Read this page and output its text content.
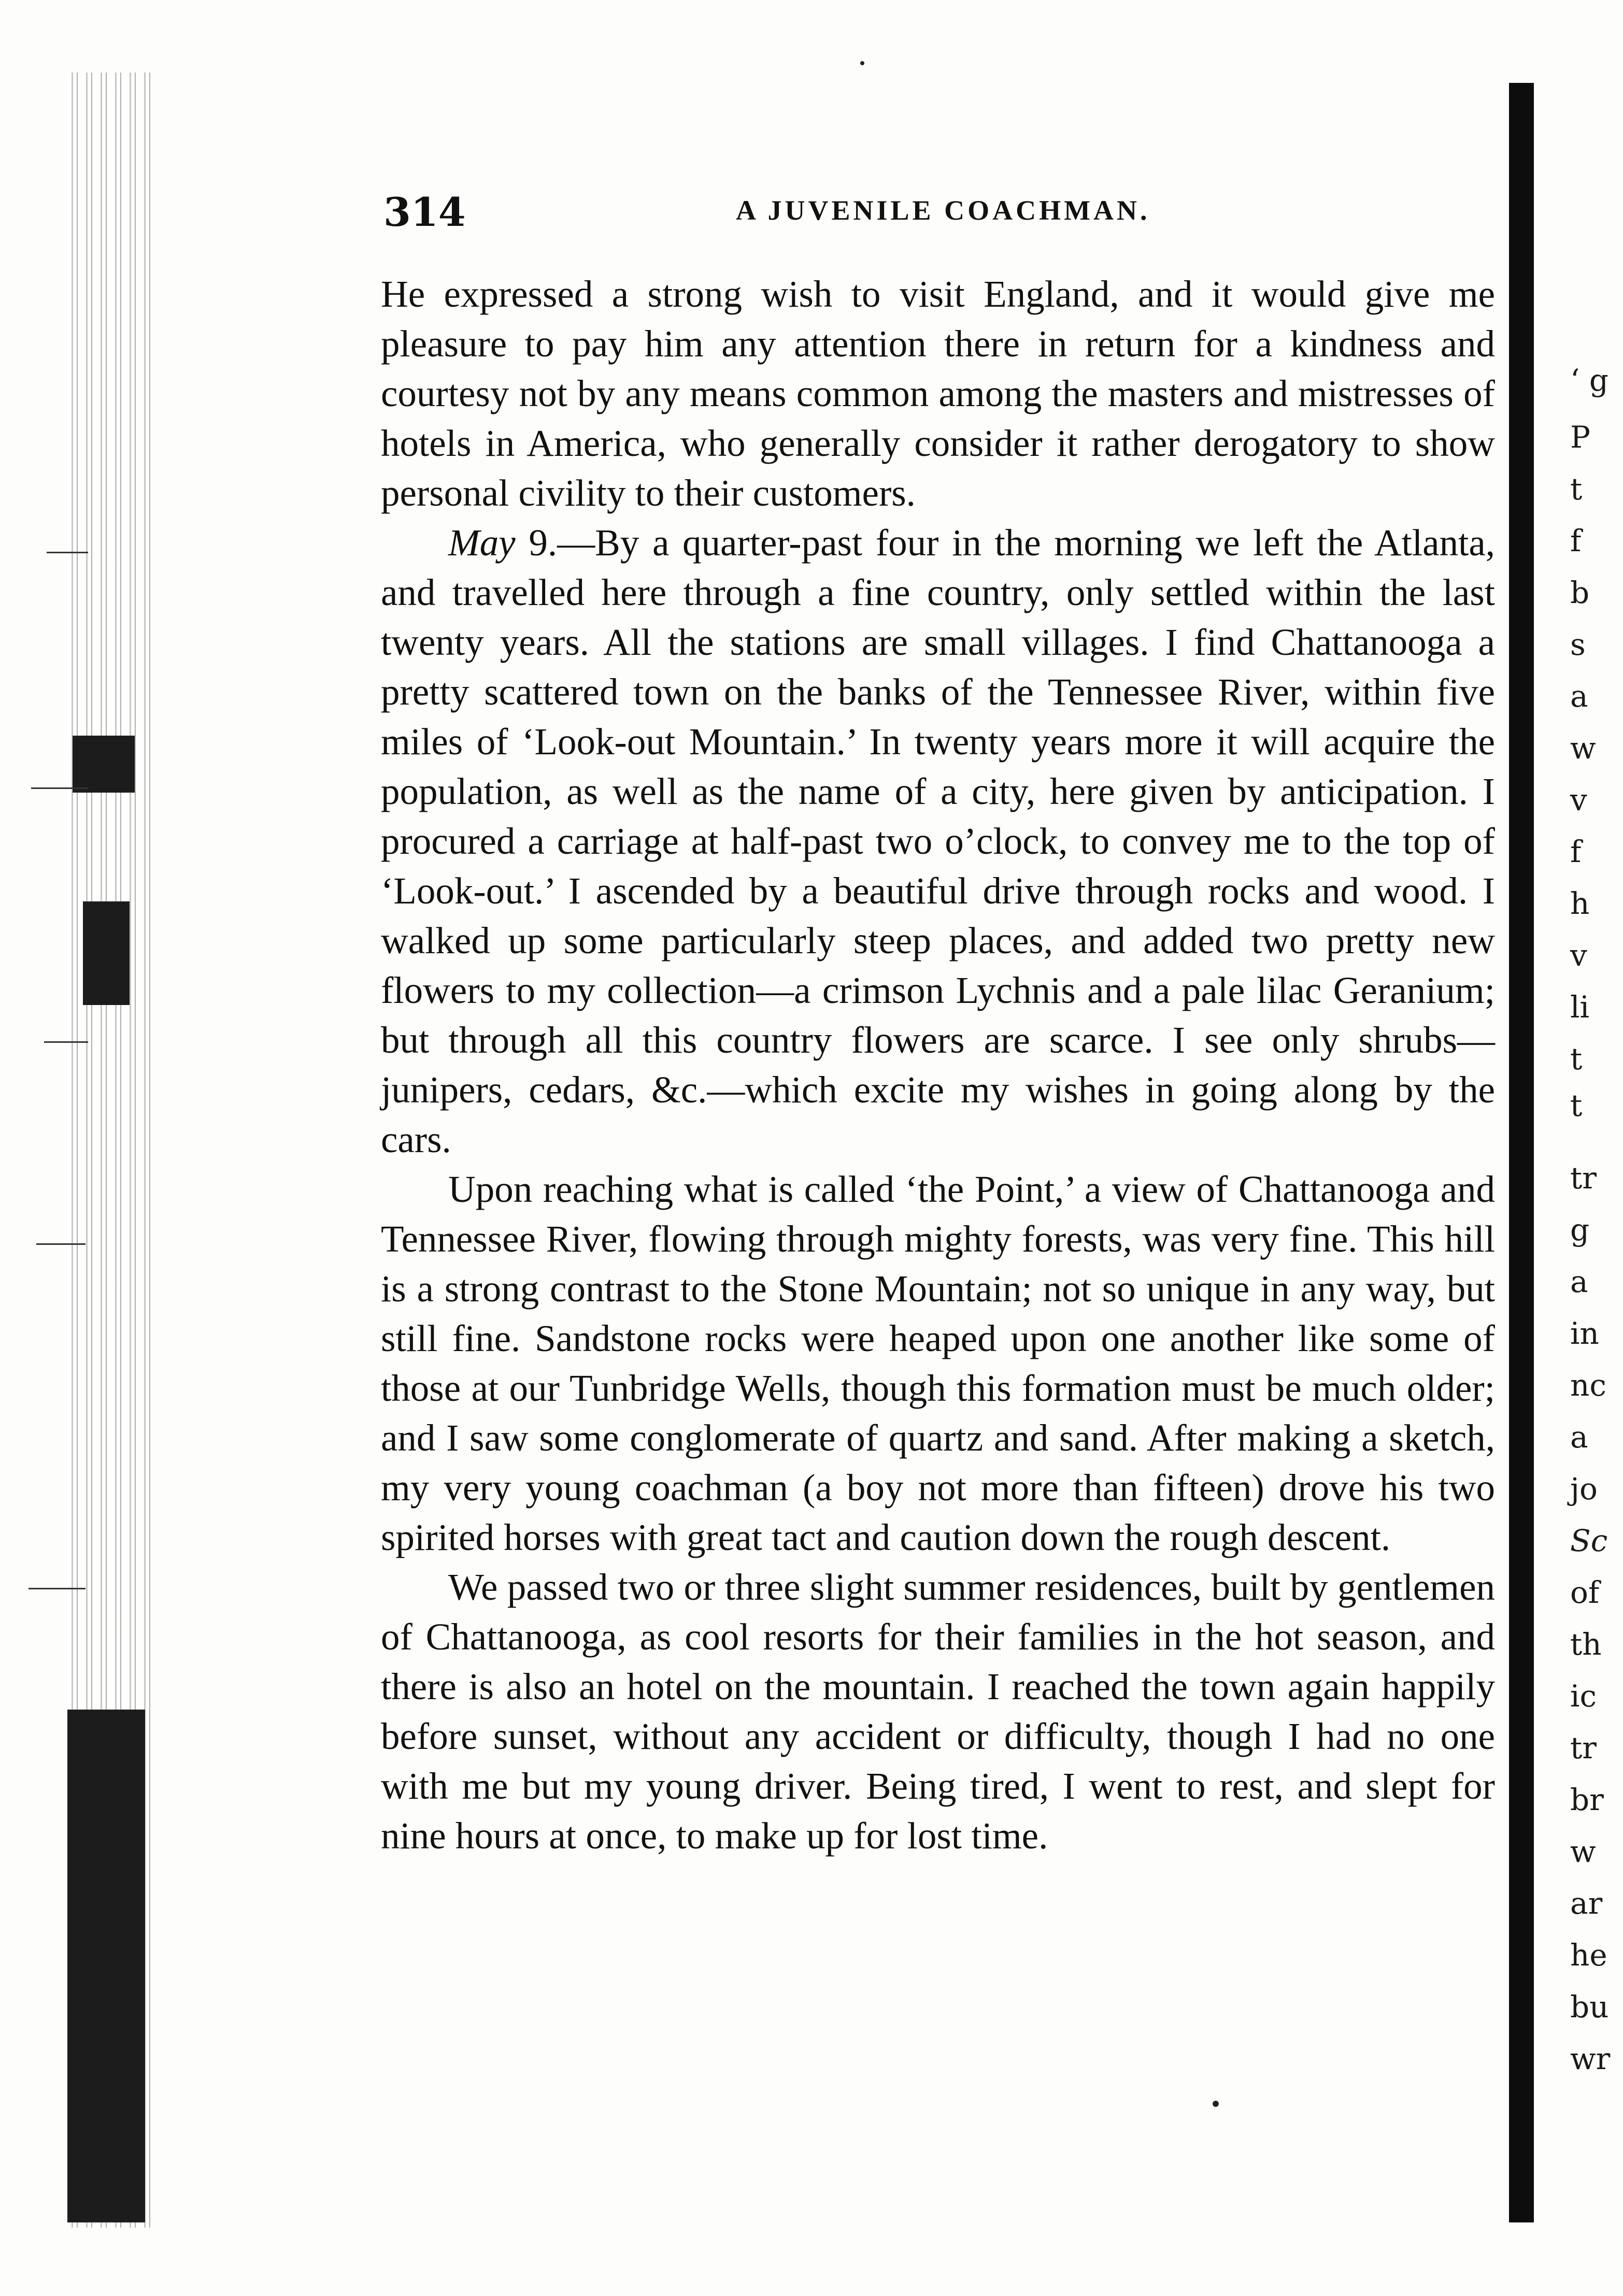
‘ g
P
t
f
b
s
a
w
v
f
h
v
li
t
t
tr
g
a
in
nc
a
jo
Sc
of
th
ic
tr
br
w
ar
he
bu
wr
314	A JUVENILE COACHMAN.

He expressed a strong wish to visit England, and it would give me pleasure to pay him any attention there in return for a kindness and courtesy not by any means common among the masters and mistresses of hotels in America, who generally consider it rather derogatory to show personal civility to their customers.

May 9.—By a quarter-past four in the morning we left the Atlanta, and travelled here through a fine country, only settled within the last twenty years. All the stations are small villages. I find Chattanooga a pretty scattered town on the banks of the Tennessee River, within five miles of ‘Look-out Mountain.’ In twenty years more it will acquire the population, as well as the name of a city, here given by anticipation. I procured a carriage at half-past two o’clock, to convey me to the top of ‘Look-out.’ I ascended by a beautiful drive through rocks and wood. I walked up some particularly steep places, and added two pretty new flowers to my collection—a crimson Lychnis and a pale lilac Geranium; but through all this country flowers are scarce. I see only shrubs—junipers, cedars, &c.—which excite my wishes in going along by the cars.

Upon reaching what is called ‘the Point,’ a view of Chattanooga and Tennessee River, flowing through mighty forests, was very fine. This hill is a strong contrast to the Stone Mountain; not so unique in any way, but still fine. Sandstone rocks were heaped upon one another like some of those at our Tunbridge Wells, though this formation must be much older; and I saw some conglomerate of quartz and sand. After making a sketch, my very young coachman (a boy not more than fifteen) drove his two spirited horses with great tact and caution down the rough descent.

We passed two or three slight summer residences, built by gentlemen of Chattanooga, as cool resorts for their families in the hot season, and there is also an hotel on the mountain. I reached the town again happily before sunset, without any accident or difficulty, though I had no one with me but my young driver. Being tired, I went to rest, and slept for nine hours at once, to make up for lost time.
